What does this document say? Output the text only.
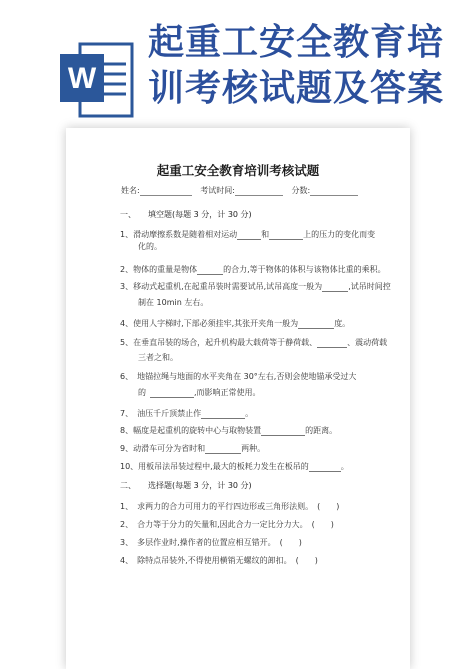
W
起重工安全教育培
训考核试题及答案
起重工安全教育培训考核试题
姓名:	考试时间:	分数:
一、　　填空题(每题 3 分，计 30 分)
1、滑动摩擦系数是随着相对运动	和	上的压力的变化而变
化的。
2、物体的重量是物体	的合力,等于物体的体积与该物体比重的乘积。
3、移动式起重机,在起重吊装时需要试吊,试吊高度一般为	,试吊时间控
制在 10min 左右。
4、使用人字梯时,下部必须挂牢,其张开夹角一般为	度。
5、在垂直吊装的场合，起升机构最大载荷等于静荷载、	、震动荷载
三者之和。
6、　地锚拉绳与地面的水平夹角在 30°左右,否则会使地锚承受过大
的	,而影响正常使用。
7、　油压千斤顶禁止作	。
8、幅度是起重机的旋转中心与取物装置	的距离。
9、动滑车可分为省时和	两种。
10、用板吊法吊装过程中,最大的板耗力发生在板吊的	。
二、　　选择题(每题 3 分，计 30 分)
1、　求两力的合力可用力的平行四边形或三角形法则。　(　　)
2、　合力等于分力的矢量和,因此合力一定比分力大。　(　　)
3、　多层作业时,操作者的位置应相互错开。　(　　)
4、　除特点吊装外,不得使用横销无螺纹的卸扣。　(　　)
